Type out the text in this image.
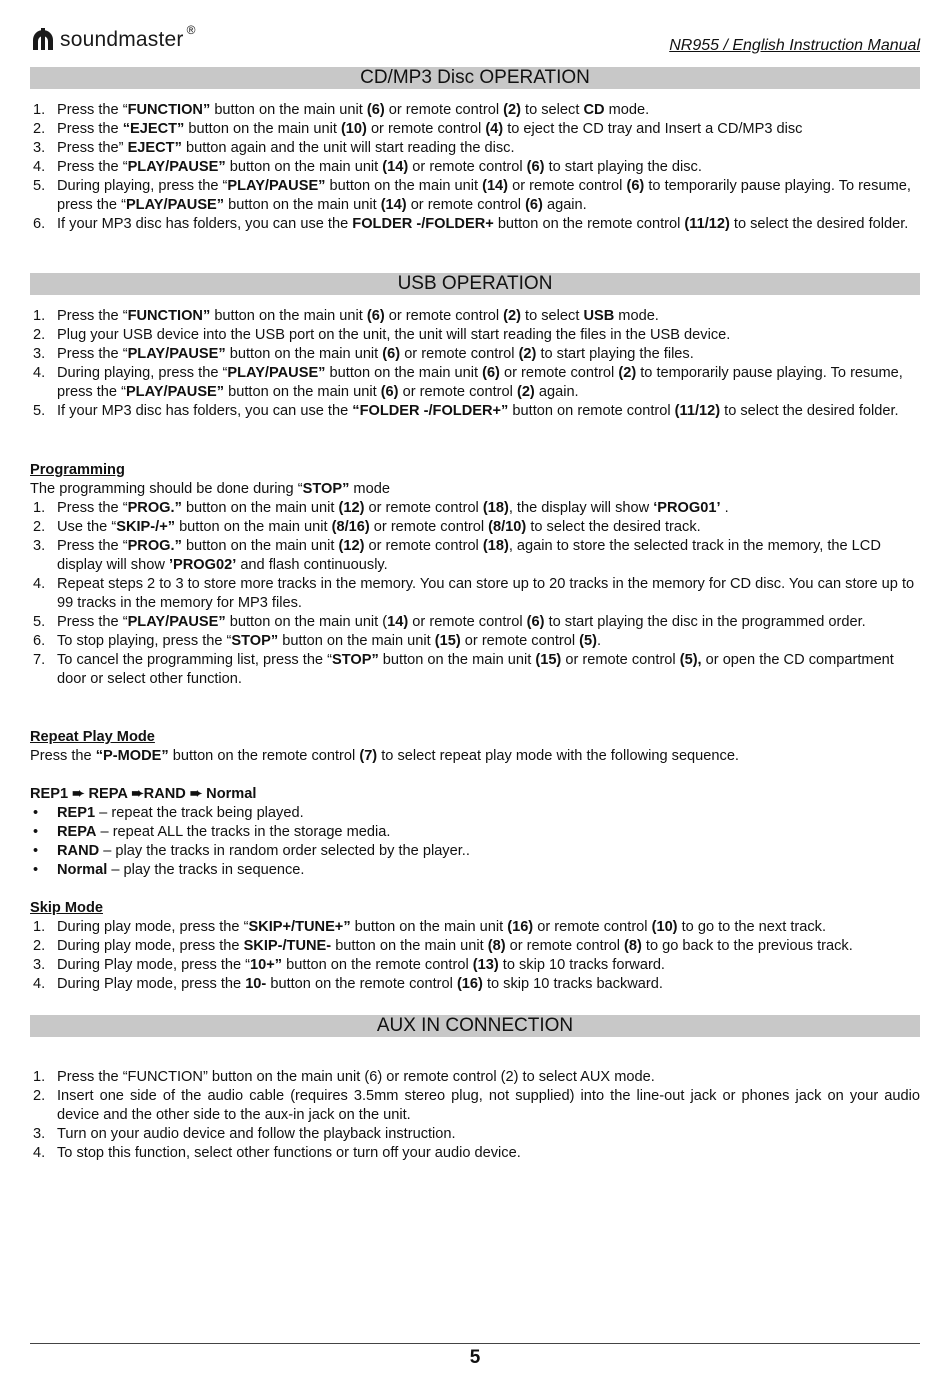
soundmaster ®
NR955 / English Instruction Manual
CD/MP3 Disc OPERATION
1. Press the “FUNCTION” button on the main unit (6) or remote control (2) to select CD mode.
2. Press the “EJECT” button on the main unit (10) or remote control (4) to eject the CD tray and Insert a CD/MP3 disc
3. Press the” EJECT” button again and the unit will start reading the disc.
4. Press the “PLAY/PAUSE” button on the main unit (14) or remote control (6) to start playing the disc.
5. During playing, press the “PLAY/PAUSE” button on the main unit (14) or remote control (6) to temporarily pause playing. To resume, press the “PLAY/PAUSE” button on the main unit (14) or remote control (6) again.
6. If your MP3 disc has folders, you can use the FOLDER -/FOLDER+ button on the remote control (11/12) to select the desired folder.
USB OPERATION
1. Press the “FUNCTION” button on the main unit (6) or remote control (2) to select USB mode.
2. Plug your USB device into the USB port on the unit, the unit will start reading the files in the USB device.
3. Press the “PLAY/PAUSE” button on the main unit (6) or remote control (2) to start playing the files.
4. During playing, press the “PLAY/PAUSE” button on the main unit (6) or remote control (2) to temporarily pause playing. To resume, press the “PLAY/PAUSE” button on the main unit (6) or remote control (2) again.
5. If your MP3 disc has folders, you can use the “FOLDER -/FOLDER+” button on remote control (11/12) to select the desired folder.
Programming
The programming should be done during “STOP” mode
1. Press the “PROG.” button on the main unit (12) or remote control (18), the display will show ‘PROG01’ .
2. Use the “SKIP-/+” button on the main unit (8/16) or remote control (8/10) to select the desired track.
3. Press the “PROG.” button on the main unit (12) or remote control (18), again to store the selected track in the memory, the LCD display will show ’PROG02’ and flash continuously.
4. Repeat steps 2 to 3 to store more tracks in the memory. You can store up to 20 tracks in the memory for CD disc. You can store up to 99 tracks in the memory for MP3 files.
5. Press the “PLAY/PAUSE” button on the main unit (14) or remote control (6) to start playing the disc in the programmed order.
6. To stop playing, press the “STOP” button on the main unit (15) or remote control (5).
7. To cancel the programming list, press the “STOP” button on the main unit (15) or remote control (5), or open the CD compartment door or select other function.
Repeat Play Mode
Press the “P-MODE” button on the remote control (7) to select repeat play mode with the following sequence.
REP1 ➨ REPA ➨RAND ➨ Normal
• REP1 – repeat the track being played.
• REPA – repeat ALL the tracks in the storage media.
• RAND – play the tracks in random order selected by the player..
• Normal – play the tracks in sequence.
Skip Mode
1. During play mode, press the “SKIP+/TUNE+” button on the main unit (16) or remote control (10) to go to the next track.
2. During play mode, press the SKIP-/TUNE- button on the main unit (8) or remote control (8) to go back to the previous track.
3. During Play mode, press the “10+” button on the remote control (13) to skip 10 tracks forward.
4. During Play mode, press the 10- button on the remote control (16) to skip 10 tracks backward.
AUX IN CONNECTION
1. Press the “FUNCTION” button on the main unit (6) or remote control (2) to select AUX mode.
2. Insert one side of the audio cable (requires 3.5mm stereo plug, not supplied) into the line-out jack or phones jack on your audio device and the other side to the aux-in jack on the unit.
3. Turn on your audio device and follow the playback instruction.
4. To stop this function, select other functions or turn off your audio device.
5
